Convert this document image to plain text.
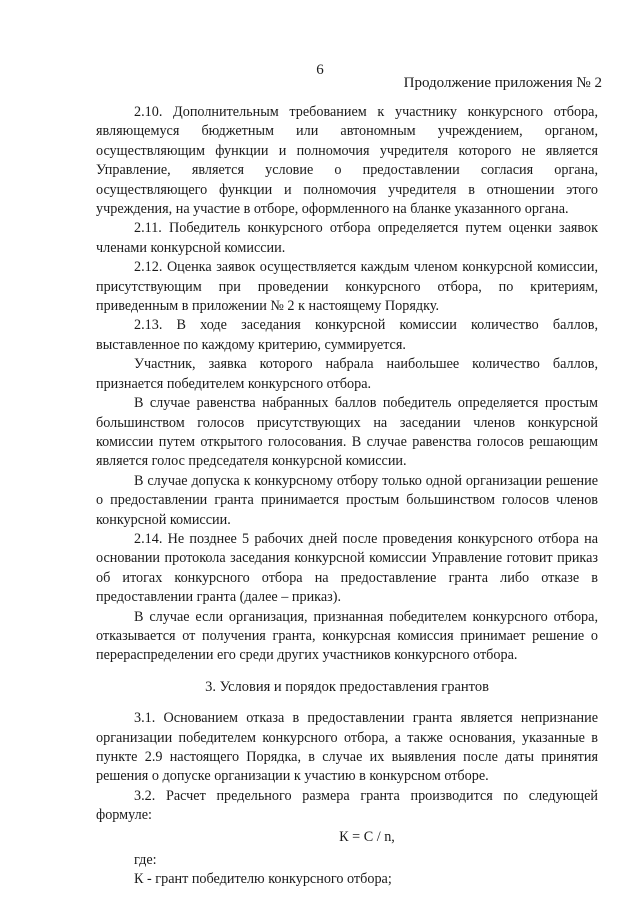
6
Продолжение приложения № 2

2.10. Дополнительным требованием к участнику конкурсного отбора, являющемуся бюджетным или автономным учреждением, органом, осуществляющим функции и полномочия учредителя которого не является Управление, является условие о предоставлении согласия органа, осуществляющего функции и полномочия учредителя в отношении этого учреждения, на участие в отборе, оформленного на бланке указанного органа.

2.11. Победитель конкурсного отбора определяется путем оценки заявок членами конкурсной комиссии.

2.12. Оценка заявок осуществляется каждым членом конкурсной комиссии, присутствующим при проведении конкурсного отбора, по критериям, приведенным в приложении № 2 к настоящему Порядку.

2.13. В ходе заседания конкурсной комиссии количество баллов, выставленное по каждому критерию, суммируется.

Участник, заявка которого набрала наибольшее количество баллов, признается победителем конкурсного отбора.

В случае равенства набранных баллов победитель определяется простым большинством голосов присутствующих на заседании членов конкурсной комиссии путем открытого голосования. В случае равенства голосов решающим является голос председателя конкурсной комиссии.

В случае допуска к конкурсному отбору только одной организации решение о предоставлении гранта принимается простым большинством голосов членов конкурсной комиссии.

2.14. Не позднее 5 рабочих дней после проведения конкурсного отбора на основании протокола заседания конкурсной комиссии Управление готовит приказ об итогах конкурсного отбора на предоставление гранта либо отказе в предоставлении гранта (далее – приказ).

В случае если организация, признанная победителем конкурсного отбора, отказывается от получения гранта, конкурсная комиссия принимает решение о перераспределении его среди других участников конкурсного отбора.

3. Условия и порядок предоставления грантов

3.1. Основанием отказа в предоставлении гранта является непризнание организации победителем конкурсного отбора, а также основания, указанные в пункте 2.9 настоящего Порядка, в случае их выявления после даты принятия решения о допуске организации к участию в конкурсном отборе.

3.2. Расчет предельного размера гранта производится по следующей формуле:

К = С / n,

где:

К - грант победителю конкурсного отбора;
